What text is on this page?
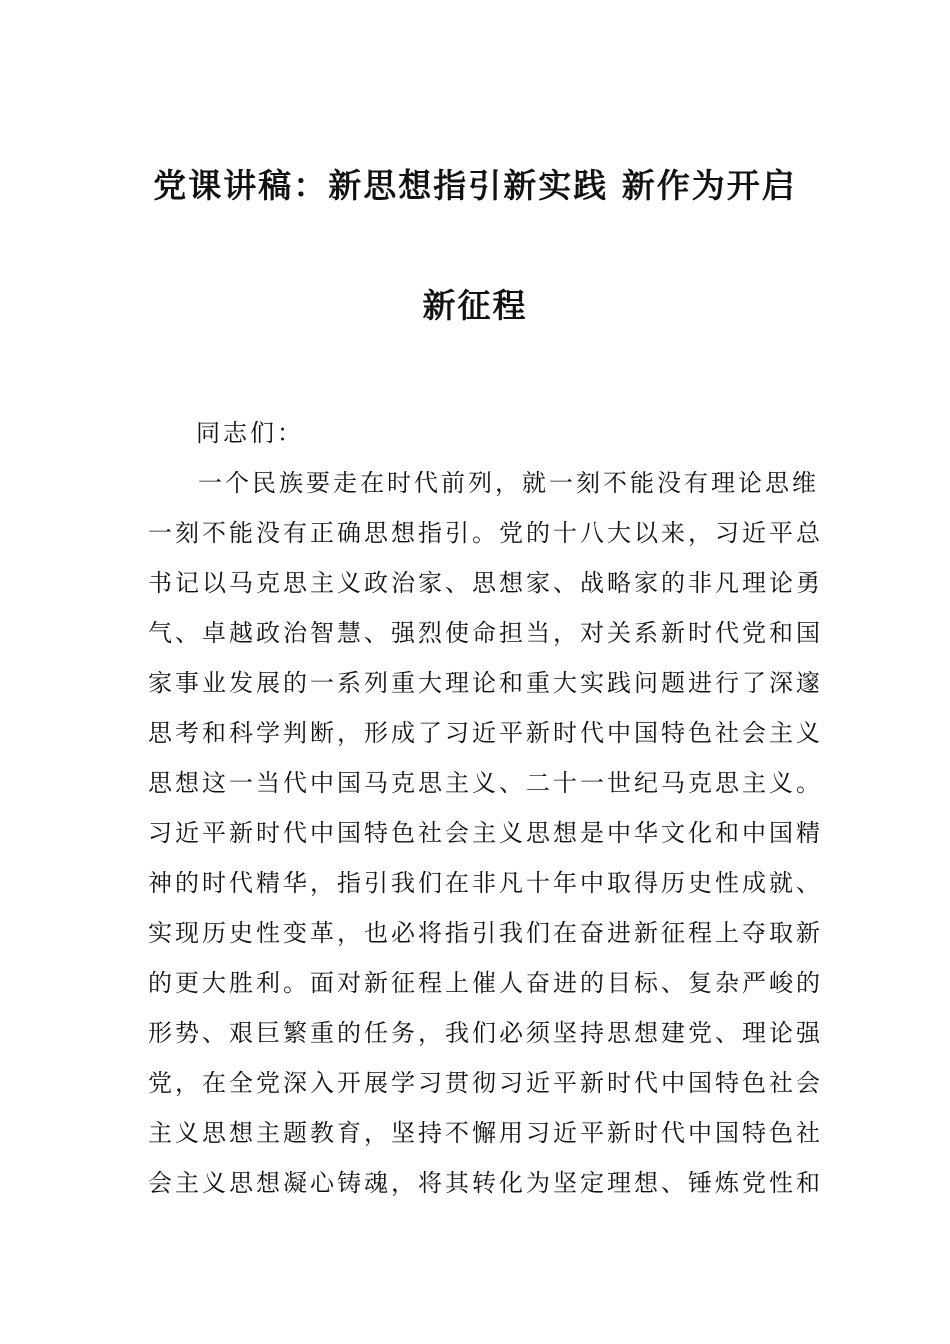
党课讲稿：新思想指引新实践 新作为开启
新征程
同志们：
一个民族要走在时代前列，就一刻不能没有理论思维
一刻不能没有正确思想指引。党的十八大以来，习近平总
书记以马克思主义政治家、思想家、战略家的非凡理论勇
气、卓越政治智慧、强烈使命担当，对关系新时代党和国
家事业发展的一系列重大理论和重大实践问题进行了深邃
思考和科学判断，形成了习近平新时代中国特色社会主义
思想这一当代中国马克思主义、二十一世纪马克思主义。
习近平新时代中国特色社会主义思想是中华文化和中国精
神的时代精华，指引我们在非凡十年中取得历史性成就、
实现历史性变革，也必将指引我们在奋进新征程上夺取新
的更大胜利。面对新征程上催人奋进的目标、复杂严峻的
形势、艰巨繁重的任务，我们必须坚持思想建党、理论强
党，在全党深入开展学习贯彻习近平新时代中国特色社会
主义思想主题教育，坚持不懈用习近平新时代中国特色社
会主义思想凝心铸魂，将其转化为坚定理想、锤炼党性和
